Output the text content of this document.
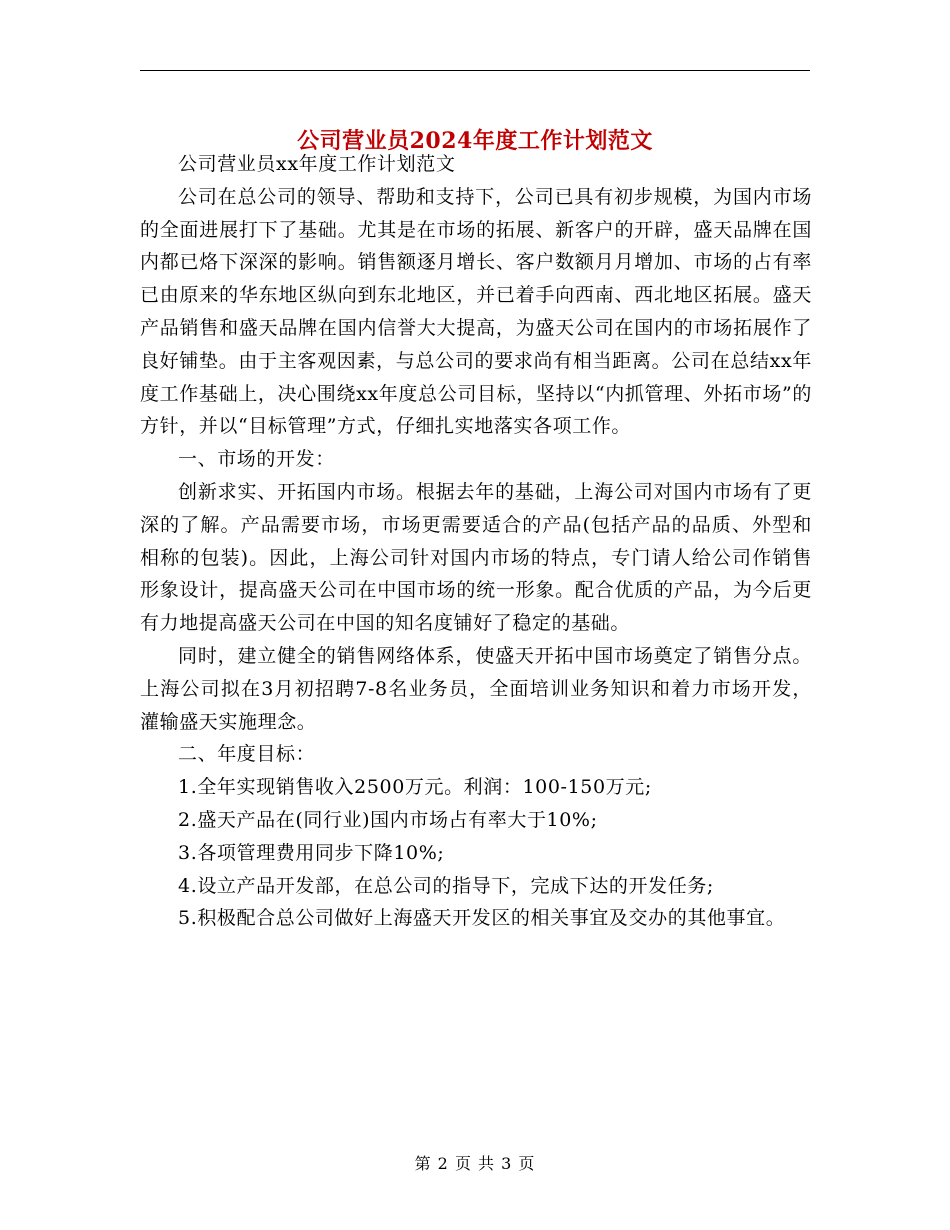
公司营业员2024年度工作计划范文

公司营业员xx年度工作计划范文

公司在总公司的领导、帮助和支持下，公司已具有初步规模，为国内市场的全面进展打下了基础。尤其是在市场的拓展、新客户的开辟，盛天品牌在国内都已烙下深深的影响。销售额逐月增长、客户数额月月增加、市场的占有率已由原来的华东地区纵向到东北地区，并已着手向西南、西北地区拓展。盛天产品销售和盛天品牌在国内信誉大大提高，为盛天公司在国内的市场拓展作了良好铺垫。由于主客观因素，与总公司的要求尚有相当距离。公司在总结xx年度工作基础上，决心围绕xx年度总公司目标，坚持以“内抓管理、外拓市场”的方针，并以“目标管理”方式，仔细扎实地落实各项工作。

一、市场的开发：

创新求实、开拓国内市场。根据去年的基础，上海公司对国内市场有了更深的了解。产品需要市场，市场更需要适合的产品(包括产品的品质、外型和相称的包装)。因此，上海公司针对国内市场的特点，专门请人给公司作销售形象设计，提高盛天公司在中国市场的统一形象。配合优质的产品，为今后更有力地提高盛天公司在中国的知名度铺好了稳定的基础。

同时，建立健全的销售网络体系，使盛天开拓中国市场奠定了销售分点。上海公司拟在3月初招聘7-8名业务员，全面培训业务知识和着力市场开发，灌输盛天实施理念。

二、年度目标：

1.全年实现销售收入2500万元。利润：100-150万元;

2.盛天产品在(同行业)国内市场占有率大于10%;

3.各项管理费用同步下降10%;

4.设立产品开发部，在总公司的指导下，完成下达的开发任务;

5.积极配合总公司做好上海盛天开发区的相关事宜及交办的其他事宜。

第 2 页 共 3 页
